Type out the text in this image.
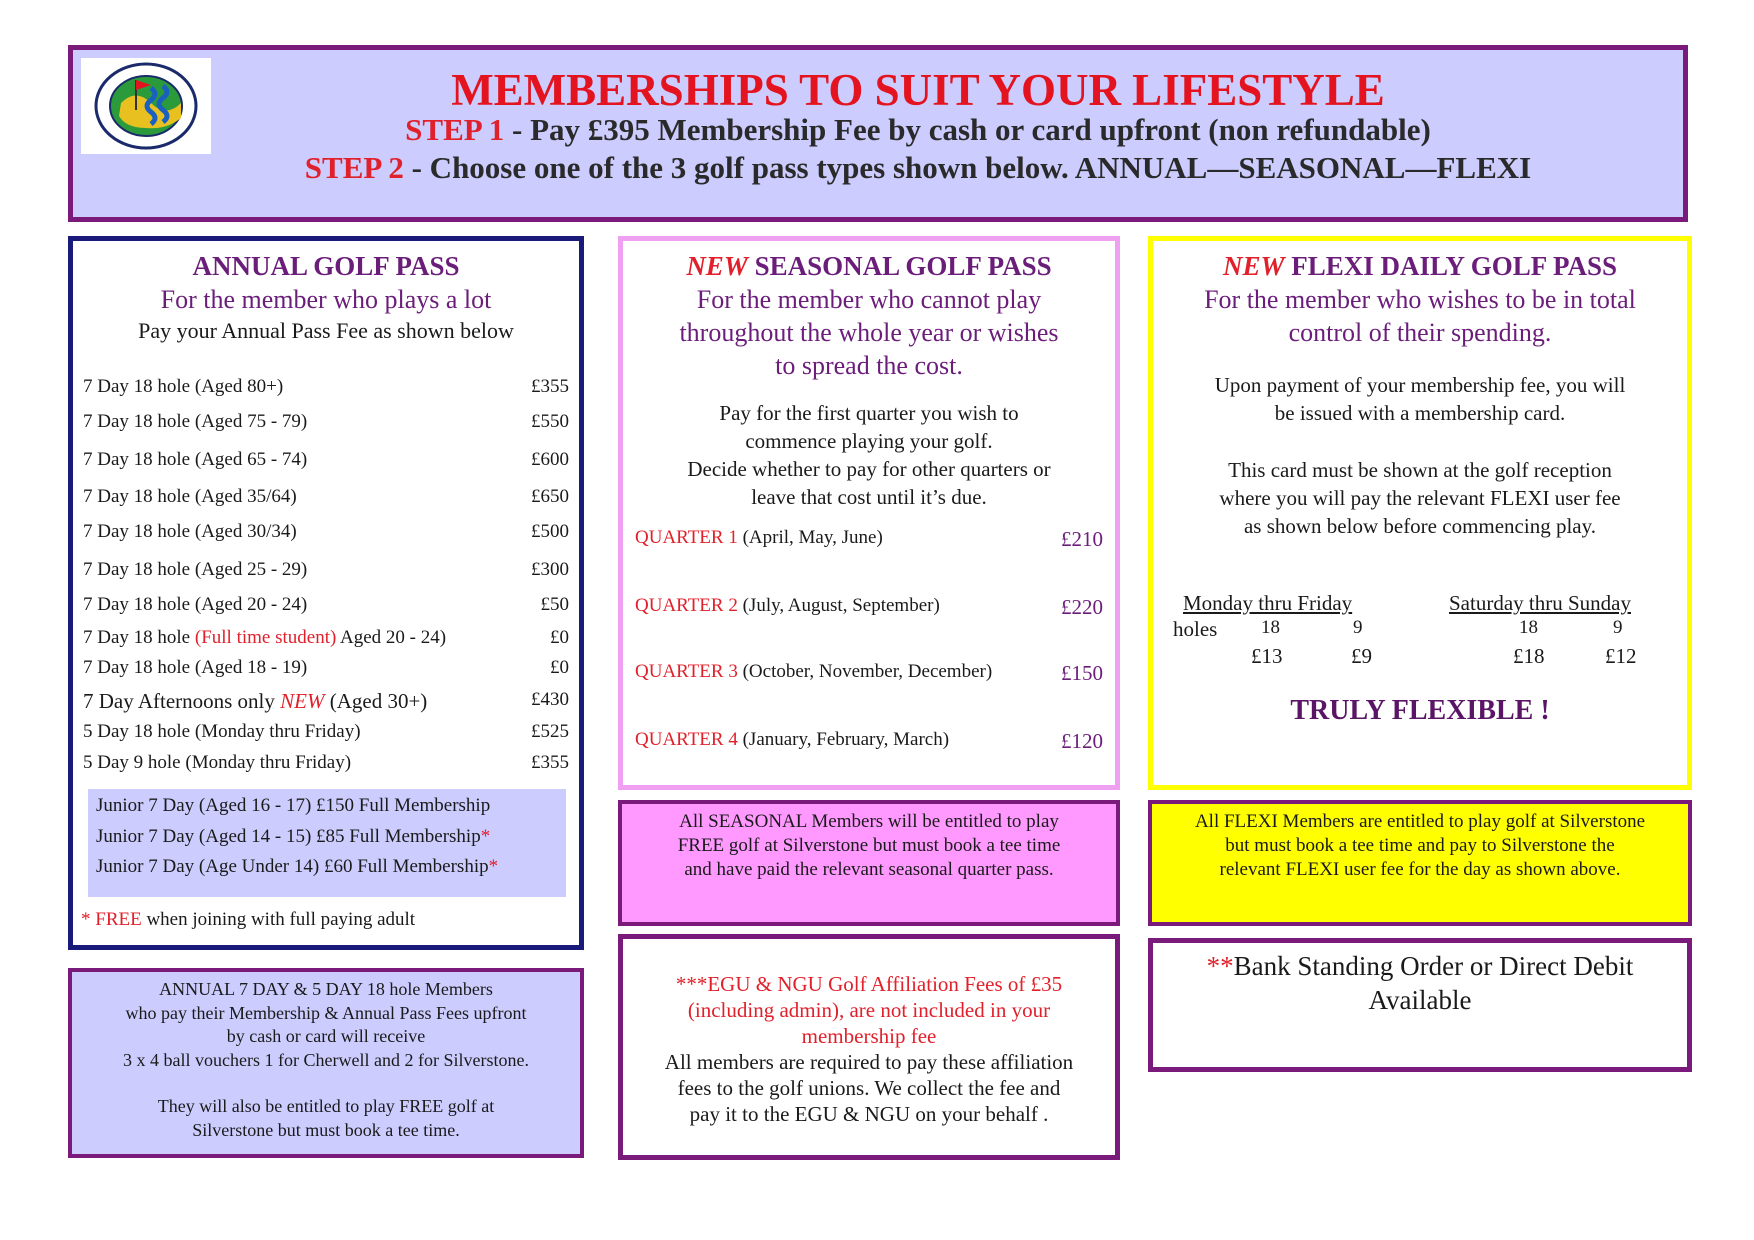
MEMBERSHIPS TO SUIT YOUR LIFESTYLE
STEP 1 - Pay £395 Membership Fee by cash or card upfront (non refundable)
STEP 2 - Choose one of the 3 golf pass types shown below. ANNUAL—SEASONAL—FLEXI
ANNUAL GOLF PASS
For the member who plays a lot
Pay your Annual Pass Fee as shown below
7 Day 18 hole (Aged 80+)	£355
7 Day 18 hole (Aged 75 - 79)	£550
7 Day 18 hole (Aged 65 - 74)	£600
7 Day 18 hole (Aged 35/64)	£650
7 Day 18 hole (Aged 30/34)	£500
7 Day 18 hole (Aged 25 - 29)	£300
7 Day 18 hole (Aged 20 - 24)	£50
7 Day 18 hole (Full time student) Aged 20 - 24)	£0
7 Day 18 hole (Aged 18 - 19)	£0
7 Day Afternoons only NEW (Aged 30+)	£430
5 Day 18 hole (Monday thru Friday)	£525
5 Day 9 hole (Monday thru Friday)	£355
Junior 7 Day (Aged 16 - 17) £150 Full Membership
Junior 7 Day (Aged 14 - 15) £85 Full Membership*
Junior 7 Day (Age Under 14) £60 Full Membership*
* FREE when joining with full paying adult
NEW SEASONAL GOLF PASS
For the member who cannot play
throughout the whole year or wishes
to spread the cost.
Pay for the first quarter you wish to
commence playing your golf.
Decide whether to pay for other quarters or
leave that cost until it’s due.
QUARTER 1 (April, May, June)	£210
QUARTER 2 (July, August, September)	£220
QUARTER 3 (October, November, December)	£150
QUARTER 4 (January, February, March)	£120
NEW FLEXI DAILY GOLF PASS
For the member who wishes to be in total
control of their spending.
Upon payment of your membership fee, you will
be issued with a membership card.
This card must be shown at the golf reception
where you will pay the relevant FLEXI user fee
as shown below before commencing play.
Monday thru Friday	Saturday thru Sunday
holes 18	9	18	9
£13	£9	£18	£12
TRULY FLEXIBLE !
All SEASONAL Members will be entitled to play
FREE golf at Silverstone but must book a tee time
and have paid the relevant seasonal quarter pass.
All FLEXI Members are entitled to play golf at Silverstone
but must book a tee time and pay to Silverstone the
relevant FLEXI user fee for the day as shown above.
ANNUAL 7 DAY & 5 DAY 18 hole Members
who pay their Membership & Annual Pass Fees upfront
by cash or card will receive
3 x 4 ball vouchers 1 for Cherwell and 2 for Silverstone.
They will also be entitled to play FREE golf at
Silverstone but must book a tee time.
***EGU & NGU Golf Affiliation Fees of £35
(including admin), are not included in your
membership fee
All members are required to pay these affiliation
fees to the golf unions. We collect the fee and
pay it to the EGU & NGU on your behalf .
**Bank Standing Order or Direct Debit
Available
